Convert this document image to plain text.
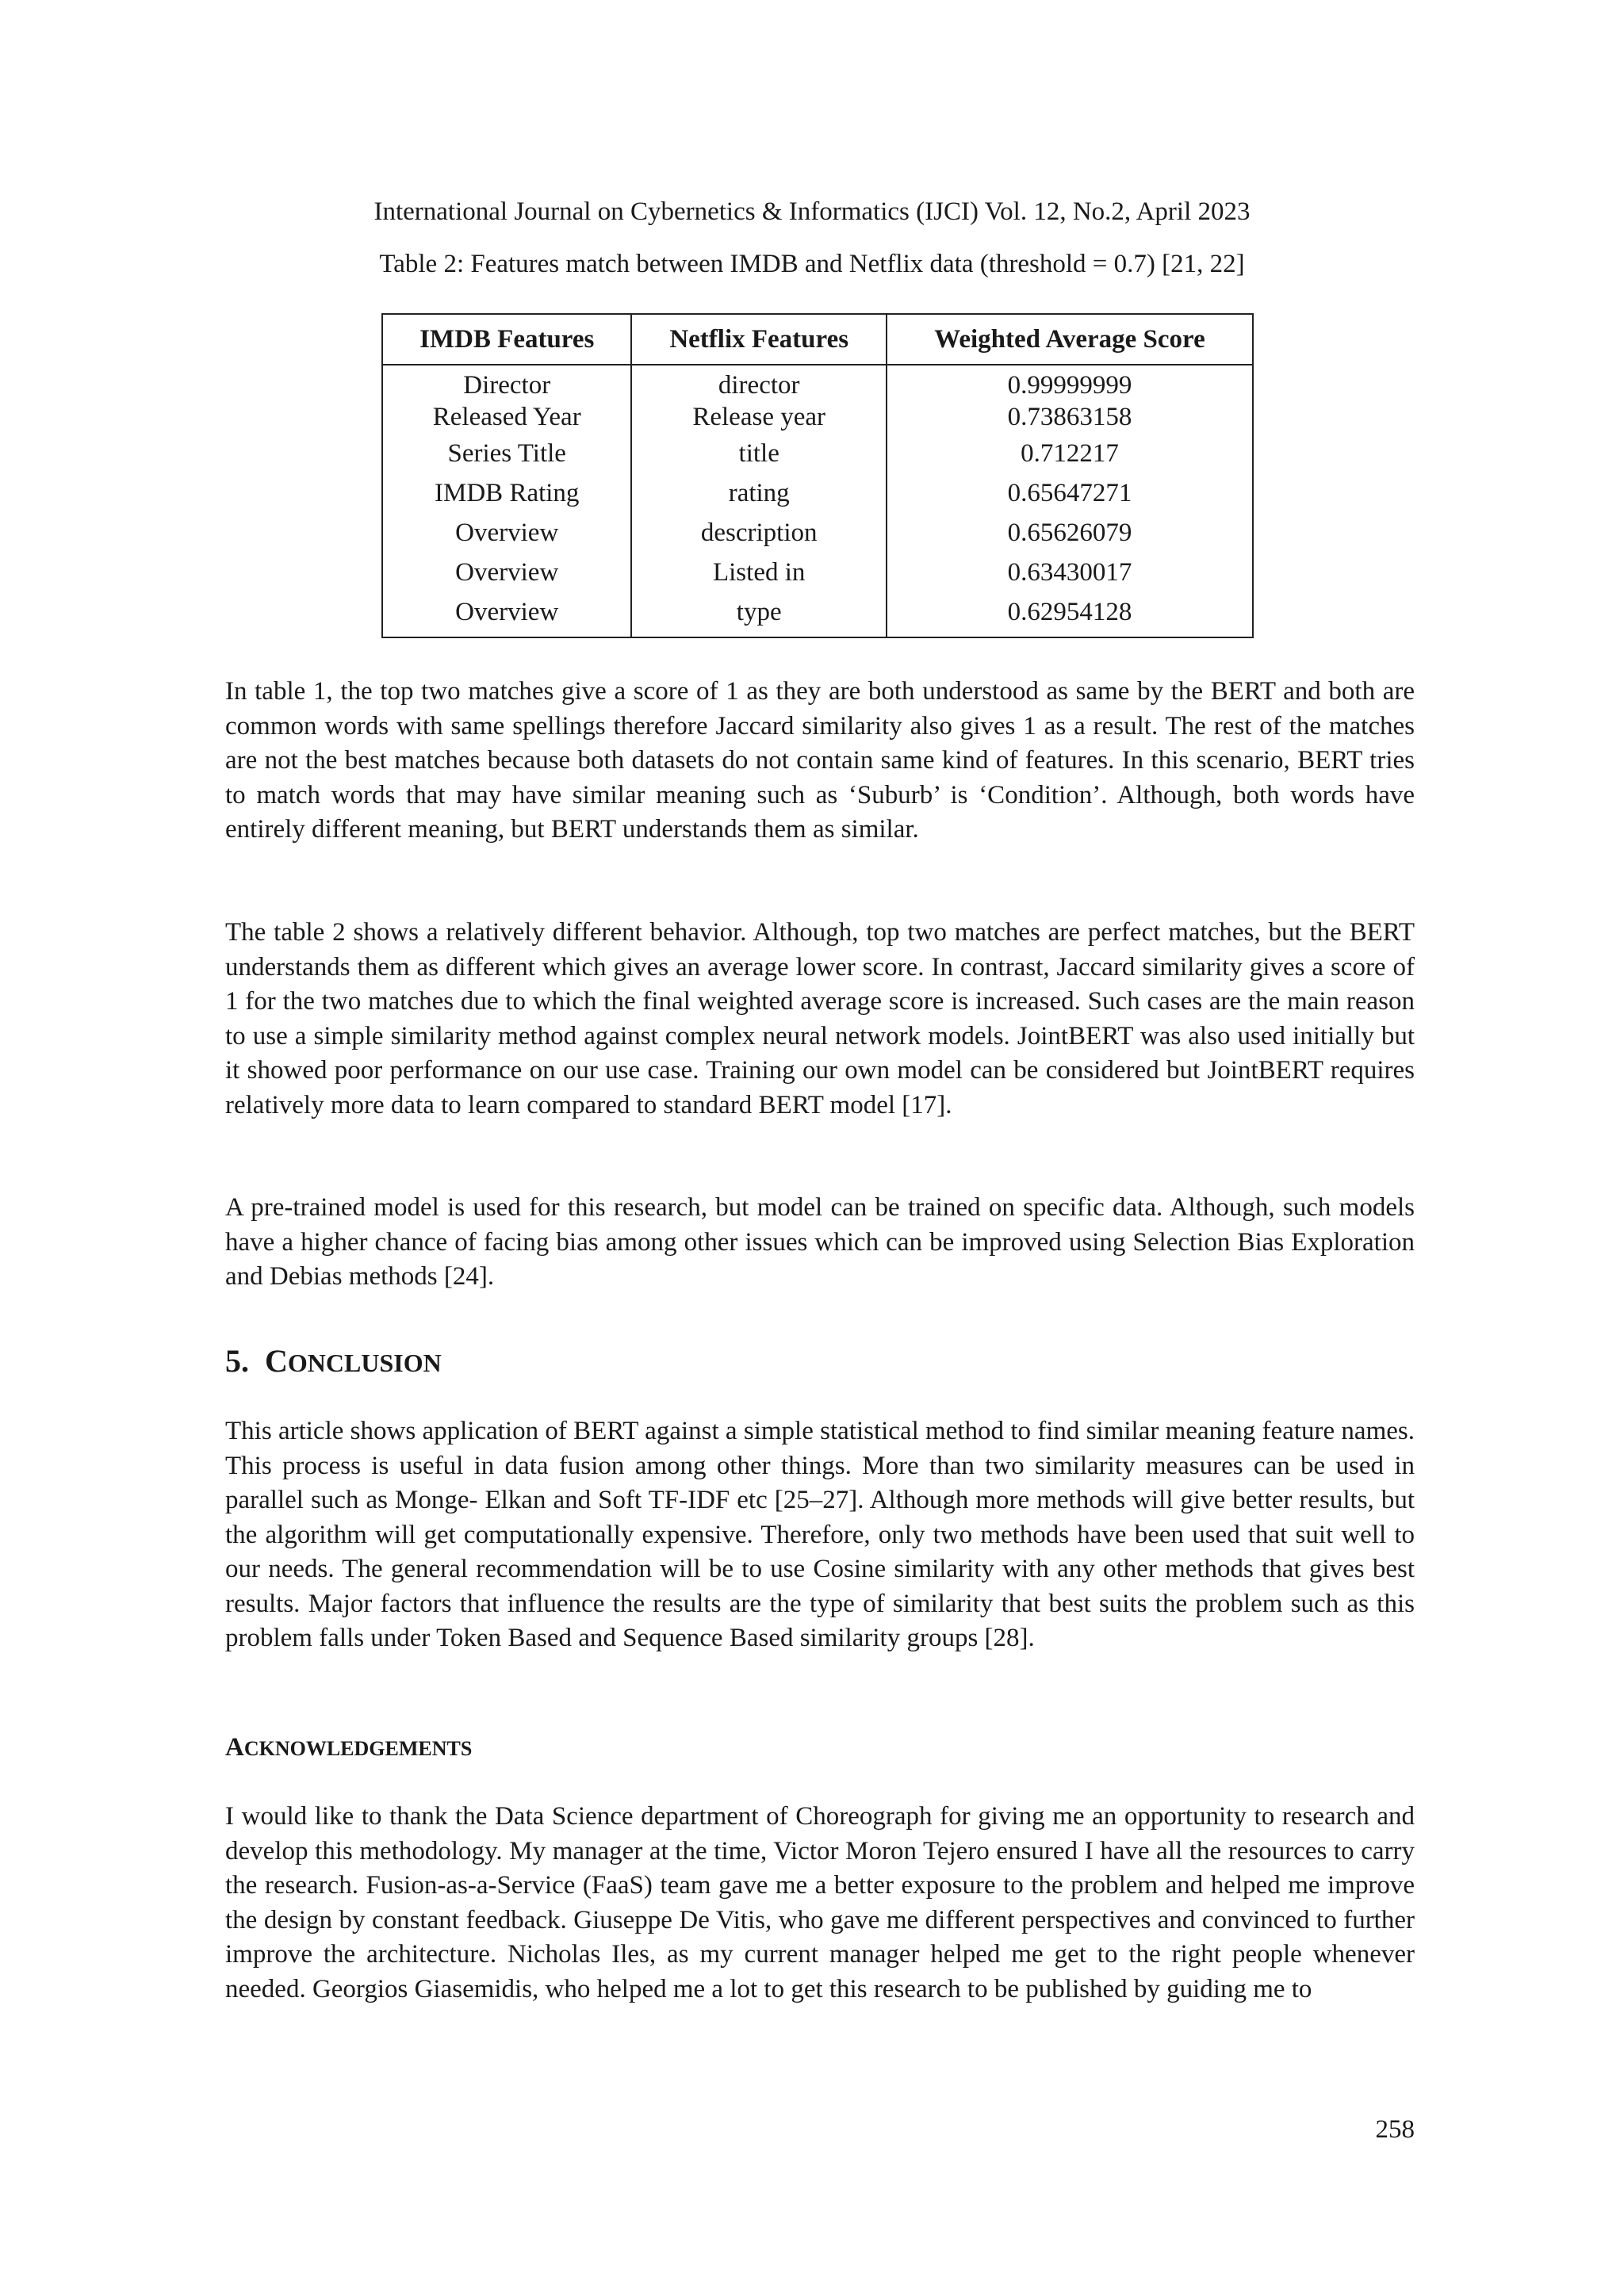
International Journal on Cybernetics & Informatics (IJCI) Vol. 12, No.2, April 2023
Table 2: Features match between IMDB and Netflix data (threshold = 0.7) [21, 22]
IMDB Features	Netflix Features	Weighted Average Score
Director	director	0.99999999
Released Year	Release year	0.73863158
Series Title	title	0.712217
IMDB Rating	rating	0.65647271
Overview	description	0.65626079
Overview	Listed in	0.63430017
Overview	type	0.62954128

In table 1, the top two matches give a score of 1 as they are both understood as same by the BERT and both are common words with same spellings therefore Jaccard similarity also gives 1 as a result. The rest of the matches are not the best matches because both datasets do not contain same kind of features. In this scenario, BERT tries to match words that may have similar meaning such as ‘Suburb’ is ‘Condition’. Although, both words have entirely different meaning, but BERT understands them as similar.

The table 2 shows a relatively different behavior. Although, top two matches are perfect matches, but the BERT understands them as different which gives an average lower score. In contrast, Jaccard similarity gives a score of 1 for the two matches due to which the final weighted average score is increased. Such cases are the main reason to use a simple similarity method against complex neural network models. JointBERT was also used initially but it showed poor performance on our use case. Training our own model can be considered but JointBERT requires relatively more data to learn compared to standard BERT model [17].

A pre-trained model is used for this research, but model can be trained on specific data. Although, such models have a higher chance of facing bias among other issues which can be improved using Selection Bias Exploration and Debias methods [24].

5. CONCLUSION

This article shows application of BERT against a simple statistical method to find similar meaning feature names. This process is useful in data fusion among other things. More than two similarity measures can be used in parallel such as Monge- Elkan and Soft TF-IDF etc [25–27]. Although more methods will give better results, but the algorithm will get computationally expensive. Therefore, only two methods have been used that suit well to our needs. The general recommendation will be to use Cosine similarity with any other methods that gives best results. Major factors that influence the results are the type of similarity that best suits the problem such as this problem falls under Token Based and Sequence Based similarity groups [28].

ACKNOWLEDGEMENTS

I would like to thank the Data Science department of Choreograph for giving me an opportunity to research and develop this methodology. My manager at the time, Victor Moron Tejero ensured I have all the resources to carry the research. Fusion-as-a-Service (FaaS) team gave me a better exposure to the problem and helped me improve the design by constant feedback. Giuseppe De Vitis, who gave me different perspectives and convinced to further improve the architecture. Nicholas Iles, as my current manager helped me get to the right people whenever needed. Georgios Giasemidis, who helped me a lot to get this research to be published by guiding me to

258
